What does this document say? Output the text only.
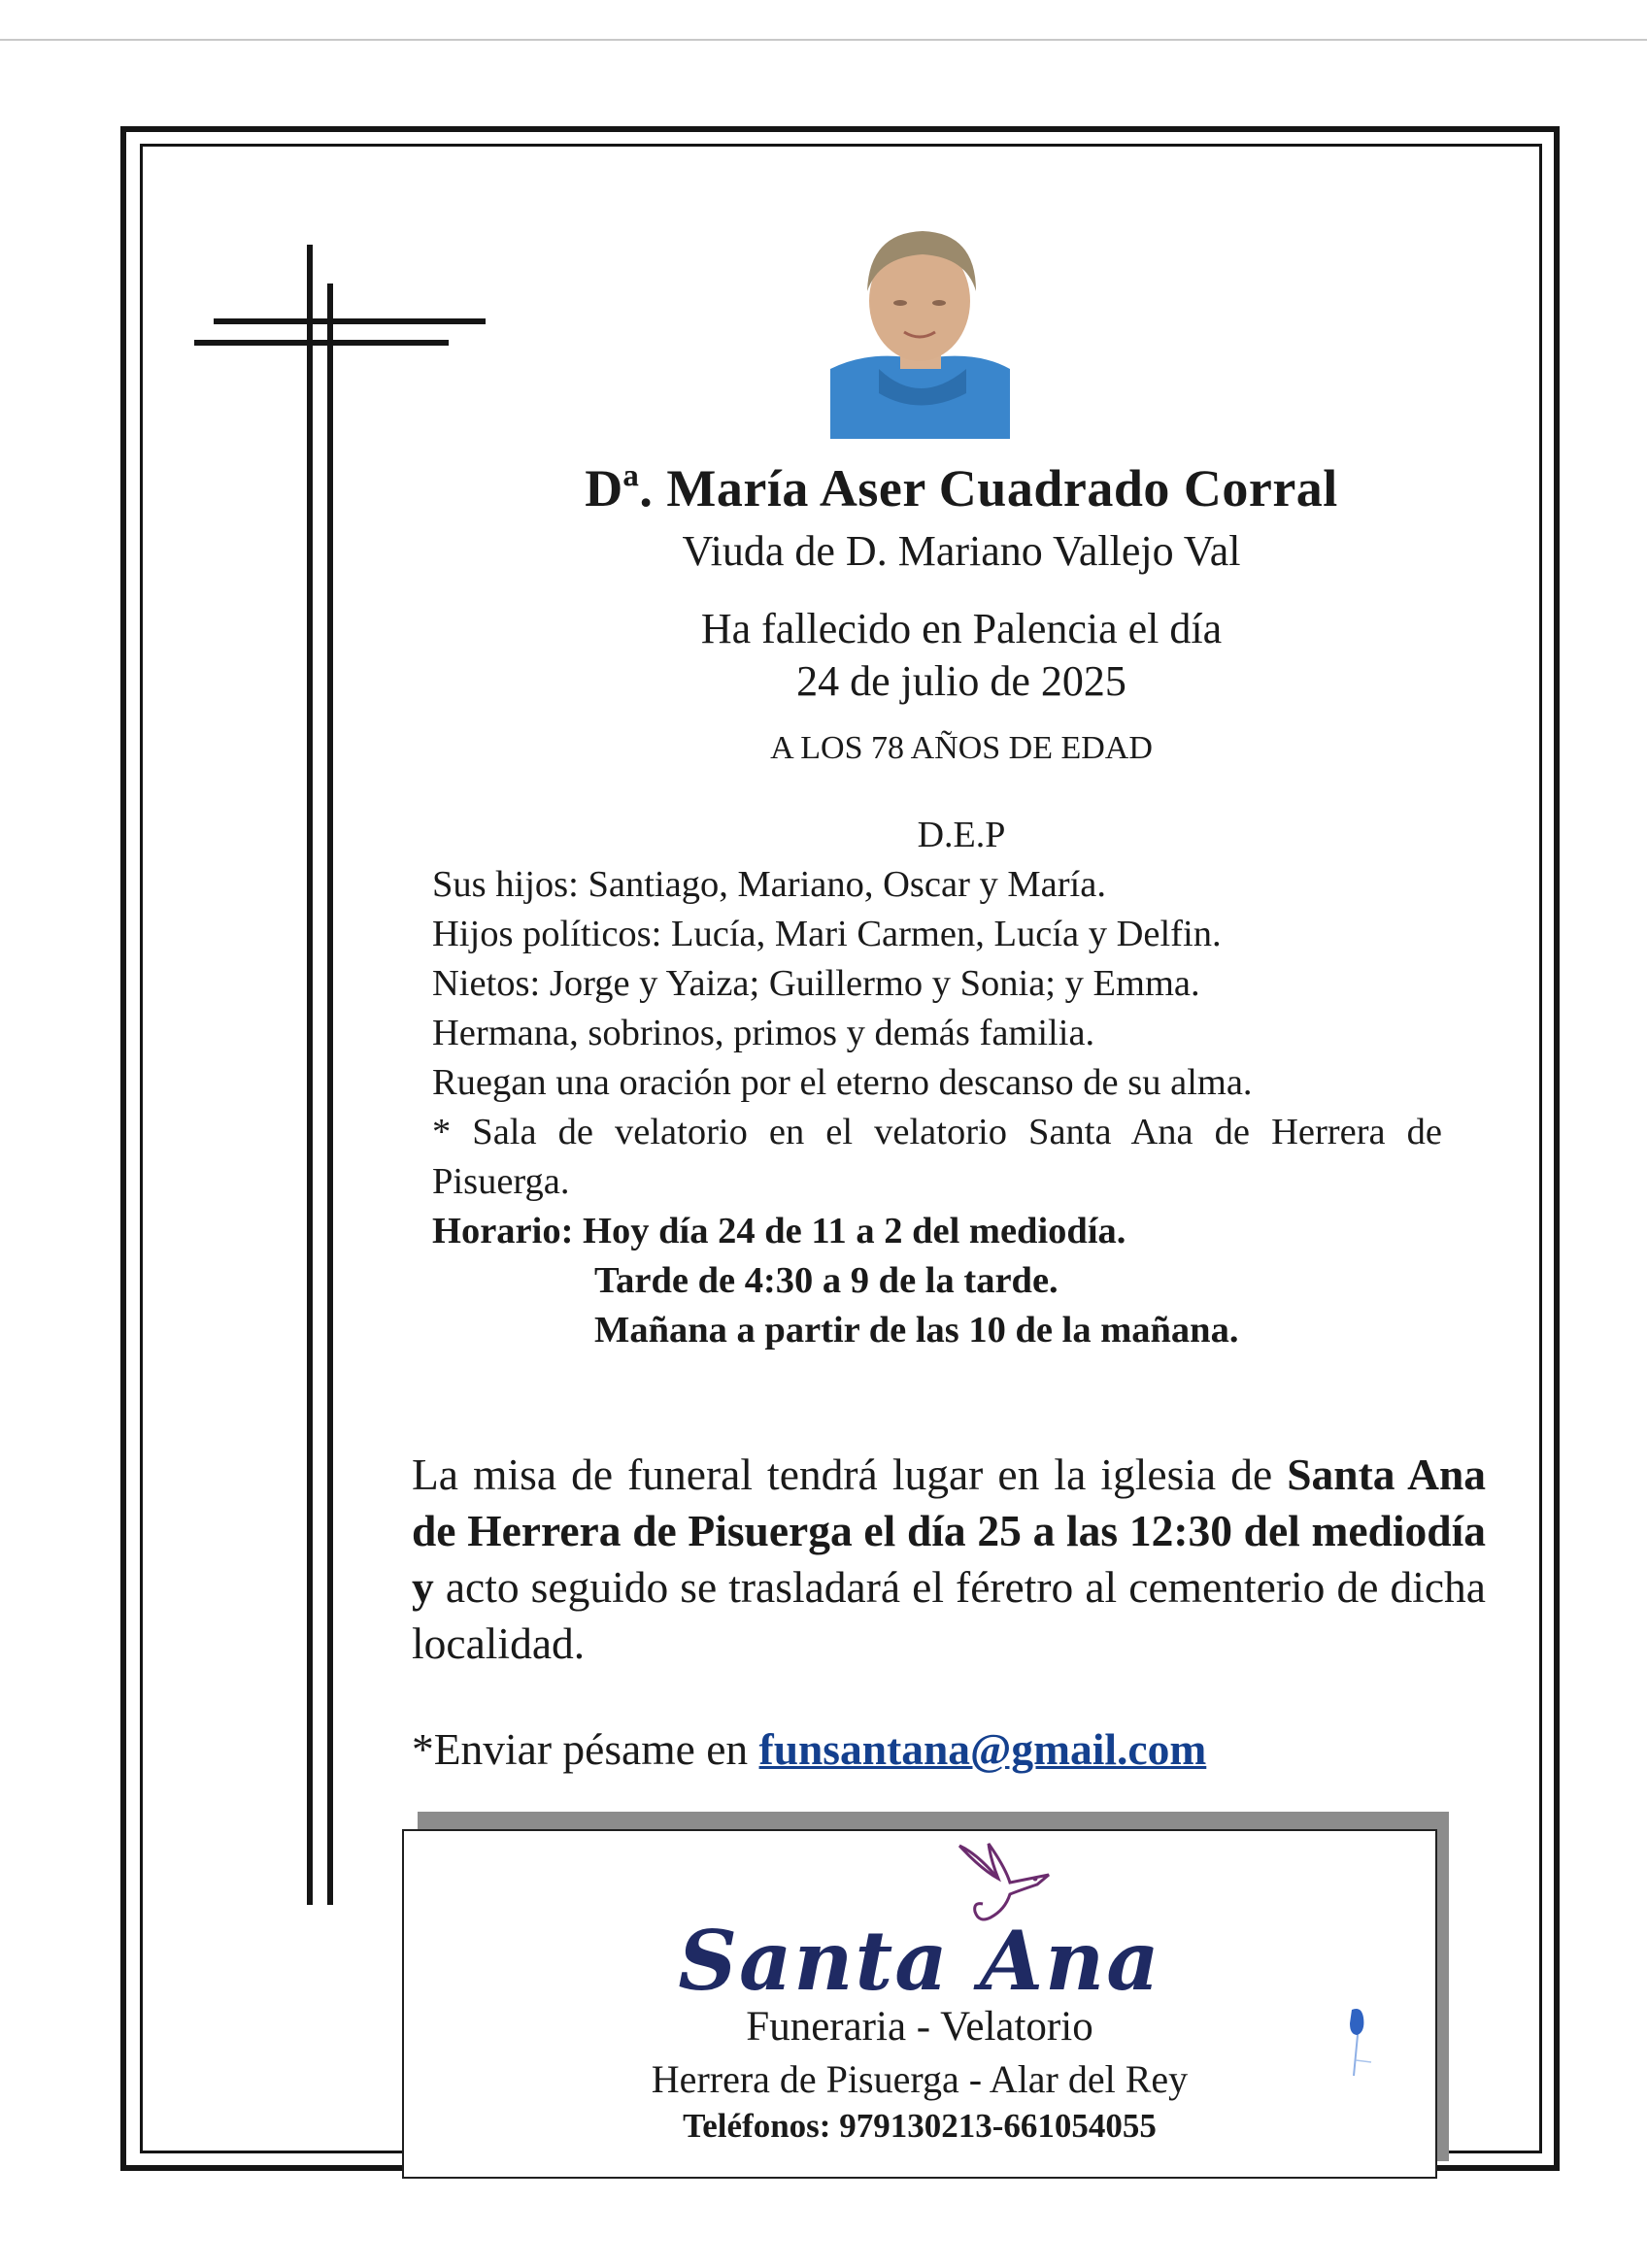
Dª. María Aser Cuadrado Corral
Viuda de D. Mariano Vallejo Val
Ha fallecido en Palencia el día
24 de julio de 2025
A LOS 78 AÑOS DE EDAD
D.E.P

Sus hijos: Santiago, Mariano, Oscar y María.

Hijos políticos: Lucía, Mari Carmen, Lucía y Delfin.

Nietos: Jorge y Yaiza; Guillermo y Sonia; y Emma.

Hermana, sobrinos, primos y demás familia.

Ruegan una oración por el eterno descanso de su alma.

* Sala de velatorio en el velatorio Santa Ana de Herrera de Pisuerga.

Horario: Hoy día 24 de 11 a 2 del mediodía.

Tarde de 4:30 a 9 de la tarde.

Mañana a partir de las 10 de la mañana.

La misa de funeral tendrá lugar en la iglesia de Santa Ana de Herrera de Pisuerga el día 25 a las 12:30 del mediodía y acto seguido se trasladará el féretro al cementerio de dicha localidad.
*Enviar pésame en funsantana@gmail.com
Santa Ana
Funeraria - Velatorio
Herrera de Pisuerga - Alar del Rey
Teléfonos: 979130213-661054055
